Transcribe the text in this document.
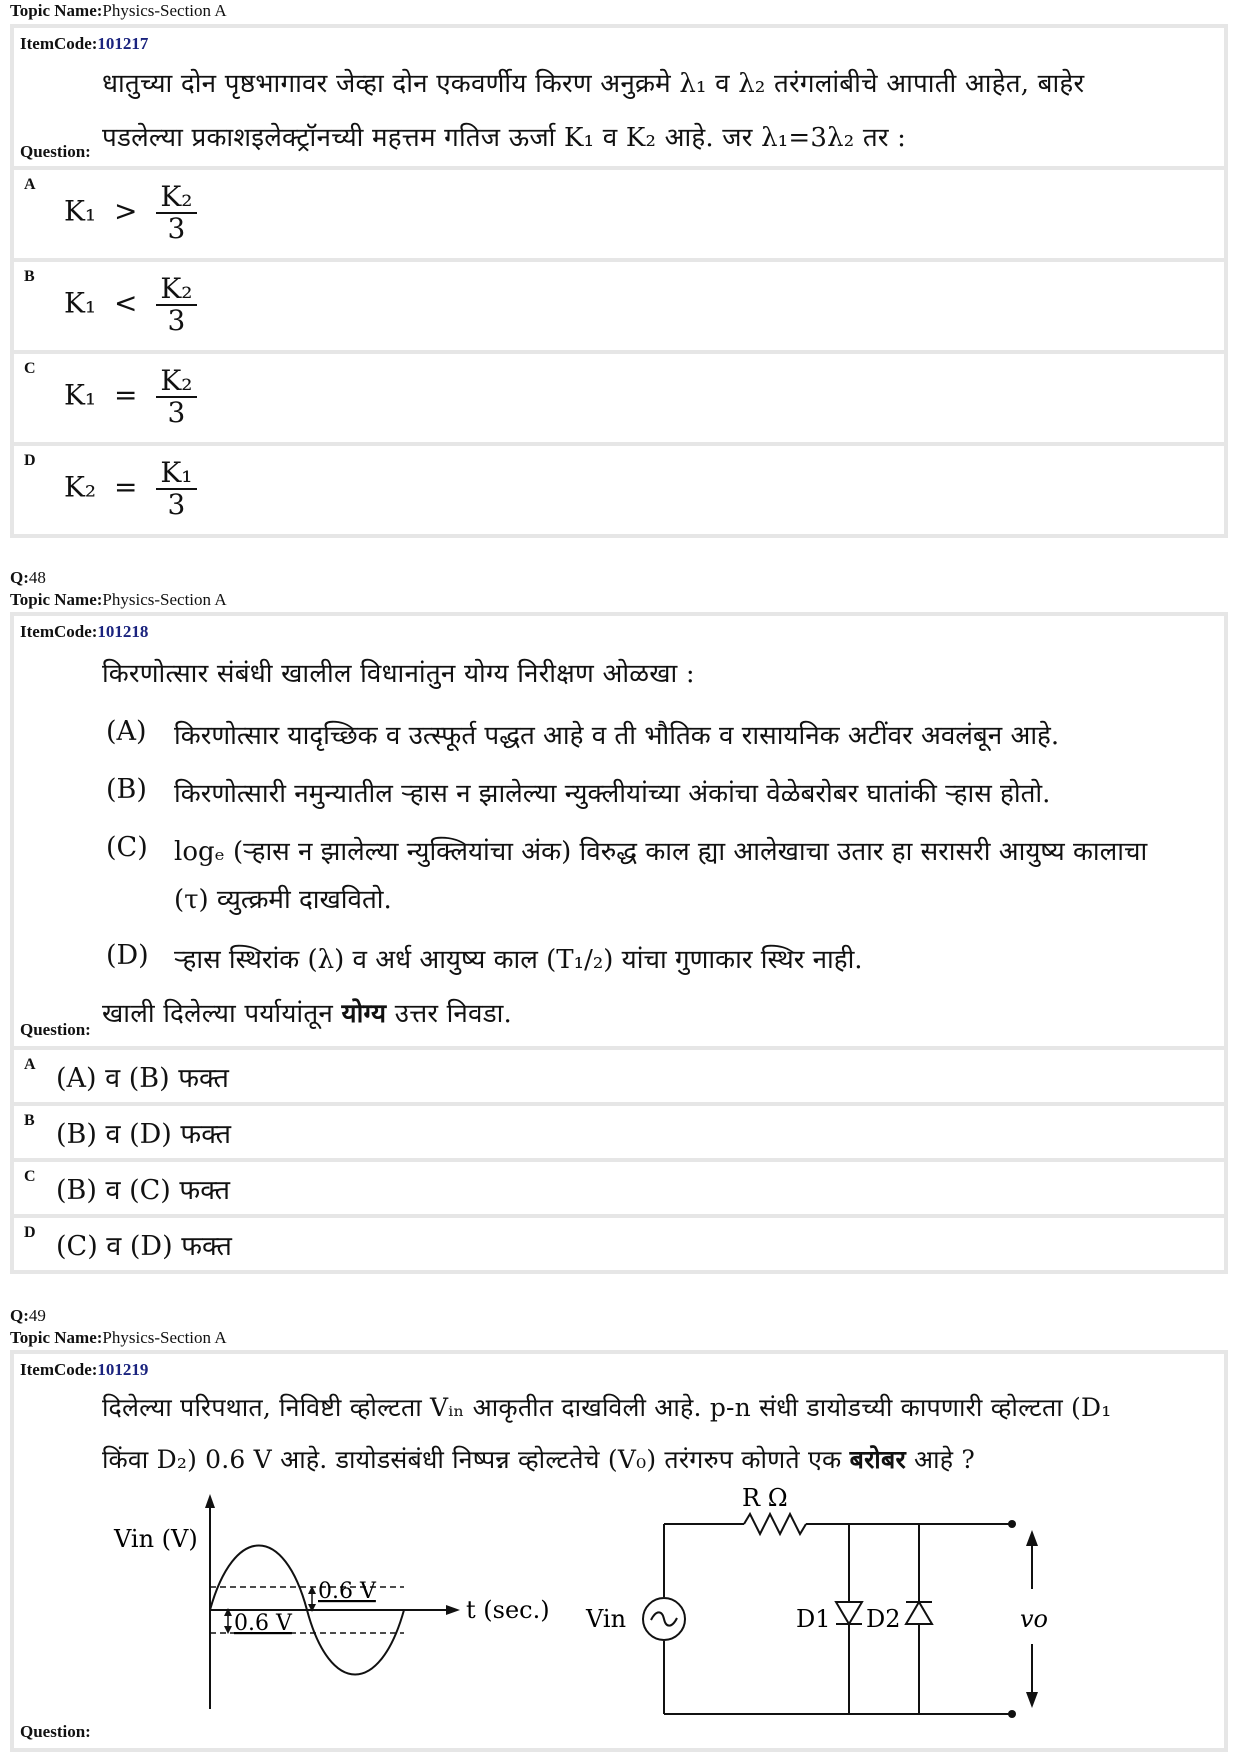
Topic Name:Physics-Section A
ItemCode:101217
धातुच्या दोन पृष्ठभागावर जेव्हा दोन एकवर्णीय किरण अनुक्रमे λ₁ व λ₂ तरंगलांबीचे आपाती आहेत, बाहेर
पडलेल्या प्रकाशइलेक्ट्रॉनच्यी महत्तम गतिज ऊर्जा K₁ व K₂ आहे. जर λ₁=3λ₂ तर :
Question:
A
$K_1 > \frac{\text{K₂}}{3}$
B
$K_1 < \frac{\text{K₂}}{3}$
C
$K_1 = \frac{\text{K₂}}{3}$
D
$K_2 = \frac{\text{K₁}}{3}$
Q:48
Topic Name:Physics-Section A
ItemCode:101218
किरणोत्सार संबंधी खालील विधानांतुन योग्य निरीक्षण ओळखा :
(A) किरणोत्सार यादृच्छिक व उत्स्फूर्त पद्धत आहे व ती भौतिक व रासायनिक अटींवर अवलंबून आहे.
(B) किरणोत्सारी नमुन्यातील ऱ्हास न झालेल्या न्युक्लीयांच्या अंकांचा वेळेबरोबर घातांकी ऱ्हास होतो.
(C) logₑ (ऱ्हास न झालेल्या न्युक्लियांचा अंक) विरुद्ध काल ह्या आलेखाचा उतार हा सरासरी आयुष्य कालाचा
(τ) व्युत्क्रमी दाखवितो.
(D) ऱ्हास स्थिरांक (λ) व अर्ध आयुष्य काल (T₁/₂) यांचा गुणाकार स्थिर नाही.
खाली दिलेल्या पर्यायांतून योग्य उत्तर निवडा.
Question:
A (A) व (B) फक्त
B (B) व (D) फक्त
C (B) व (C) फक्त
D (C) व (D) फक्त
Q:49
Topic Name:Physics-Section A
ItemCode:101219
दिलेल्या परिपथात, निविष्टी व्होल्टता Vᵢₙ आकृतीत दाखविली आहे. p-n संधी डायोडच्यी कापणारी व्होल्टता (D₁
किंवा D₂) 0.6 V आहे. डायोडसंबंधी निष्पन्न व्होल्टतेचे (V₀) तरंगरुप कोणते एक बरोबर आहे ?
Vin (V)
t (sec.)
0.6 V
0.6 V
R Ω
Vin	D1 D2	vo
Question:
